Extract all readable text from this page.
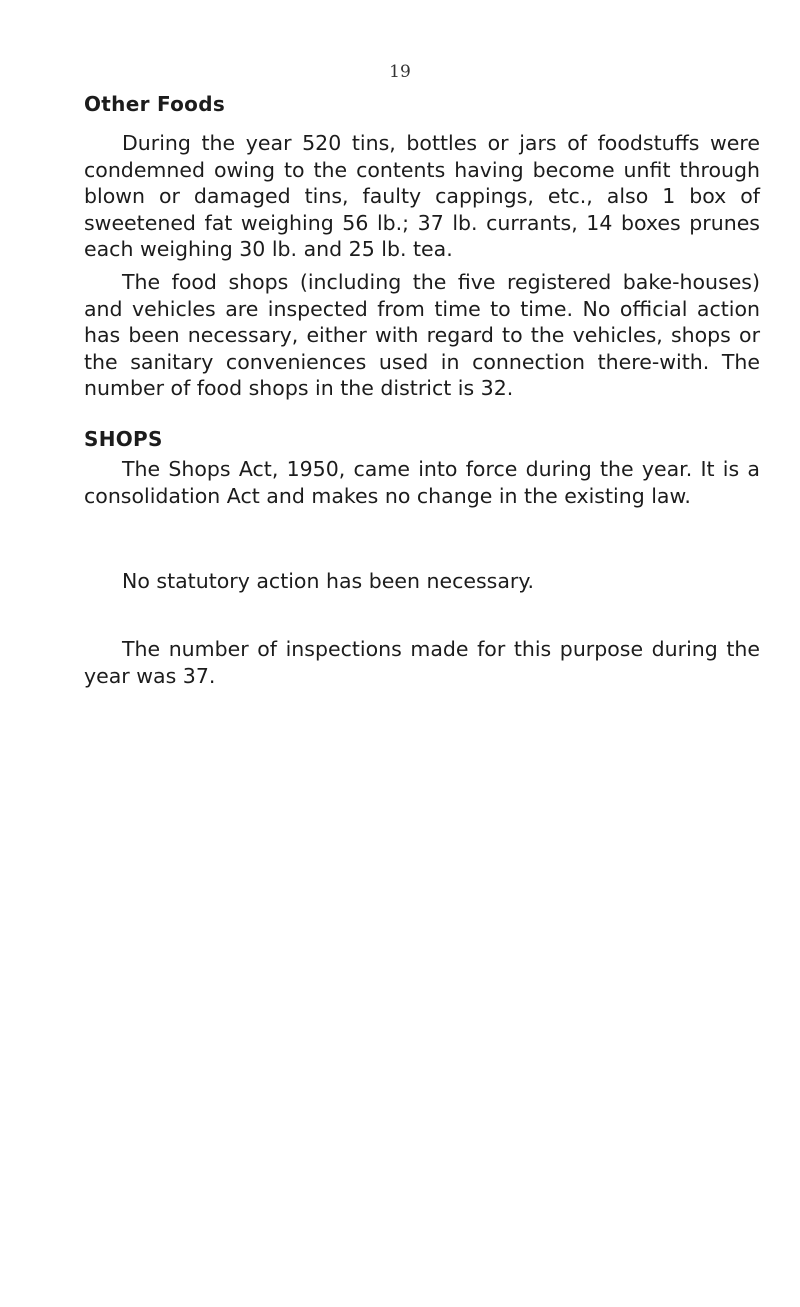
19
Other Foods

During the year 520 tins, bottles or jars of foodstuffs were condemned owing to the contents having become unfit through blown or damaged tins, faulty cappings, etc., also 1 box of sweetened fat weighing 56 lb.; 37 lb. currants, 14 boxes prunes each weighing 30 lb. and 25 lb. tea.

The food shops (including the five registered bake-houses) and vehicles are inspected from time to time. No official action has been necessary, either with regard to the vehicles, shops or the sanitary conveniences used in connection there-with. The number of food shops in the district is 32.

SHOPS

The Shops Act, 1950, came into force during the year. It is a consolidation Act and makes no change in the existing law.

No statutory action has been necessary.

The number of inspections made for this purpose during the year was 37.
